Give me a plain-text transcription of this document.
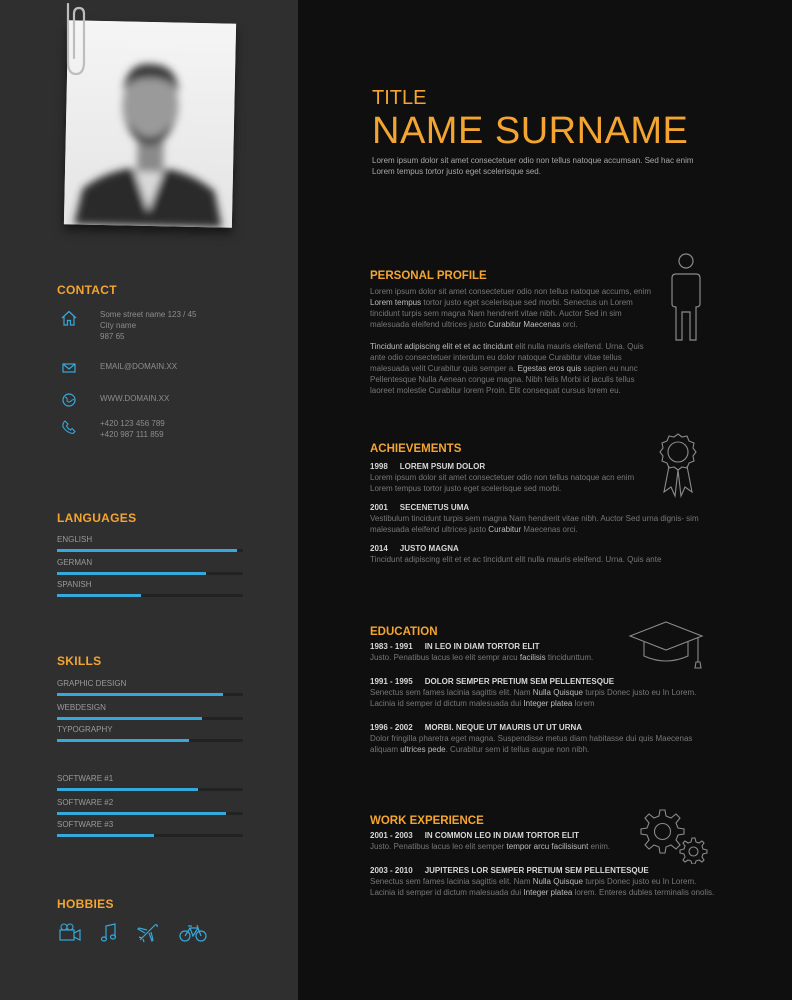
TITLE
NAME SURNAME
Lorem ipsum dolor sit amet consectetuer odio non tellus natoque accumsan. Sed hac enim Lorem tempus tortor justo eget scelerisque sed.
CONTACT
Some street name 123 / 45
City name
987 65
EMAIL@DOMAIN.XX
WWW.DOMAIN.XX
+420 123 456 789
+420 987 111 859
LANGUAGES
ENGLISH
GERMAN
SPANISH
SKILLS
GRAPHIC DESIGN
WEBDESIGN
TYPOGRAPHY
SOFTWARE #1
SOFTWARE #2
SOFTWARE #3
HOBBIES
PERSONAL PROFILE
Lorem ipsum dolor sit amet consectetuer odio non tellus natoque accums, enim Lorem tempus tortor justo eget scelerisque sed morbi. Senectus un Lorem tincidunt turpis sem magna Nam hendrerit vitae nibh. Auctor Sed in sim malesuada eleifend ultrices justo Curabitur Maecenas orci.
Tincidunt adipiscing elit et et ac tincidunt elit nulla mauris eleifend. Urna. Quis ante odio consectetuer interdum eu dolor natoque Curabitur vitae tellus malesuada velit Curabitur quis semper a. Egestas eros quis sapien eu nunc Pellentesque Nulla Aenean congue magna. Nibh felis Morbi id iaculis tellus laoreet molestie Curabitur lorem Proin. Elit consequat cursus lorem eu.
ACHIEVEMENTS
1998 LOREM PSUM DOLOR
Lorem ipsum dolor sit amet consectetuer odio non tellus natoque acn enim Lorem tempus tortor justo eget scelerisque sed morbi.
2001 SECENETUS UMA
Vestibulum tincidunt turpis sem magna Nam hendrerit vitae nibh. Auctor Sed urna dignis- sim malesuada eleifend ultrices justo Curabitur Maecenas orci.
2014 JUSTO MAGNA
Tincidunt adipiscing elit et et ac tincidunt elit nulla mauris eleifend. Urna. Quis ante
EDUCATION
1983 - 1991 IN LEO IN DIAM TORTOR ELIT
Justo. Penatibus lacus leo elit sempr arcu facilisis tincidunttum.
1991 - 1995 DOLOR SEMPER PRETIUM SEM PELLENTESQUE
Senectus sem fames lacinia sagittis elit. Nam Nulla Quisque turpis Donec justo eu In Lorem. Lacinia id semper id dictum malesuada dui Integer platea lorem
1996 - 2002 MORBI. NEQUE UT MAURIS UT UT URNA
Dolor fringilla pharetra eget magna. Suspendisse metus diam habitasse dui quis Maecenas aliquam ultrices pede. Curabitur sem id tellus augue non nibh.
WORK EXPERIENCE
2001 - 2003 IN COMMON LEO IN DIAM TORTOR ELIT
Justo. Penatibus lacus leo elit semper tempor arcu facilisisunt enim.
2003 - 2010 JUPITERES LOR SEMPER PRETIUM SEM PELLENTESQUE
Senectus sem fames lacinia sagittis elit. Nam Nulla Quisque turpis Donec justo eu In Lorem. Lacinia id semper id dictum malesuada dui Integer platea lorem. Enteres dubles terminalis onolis.
